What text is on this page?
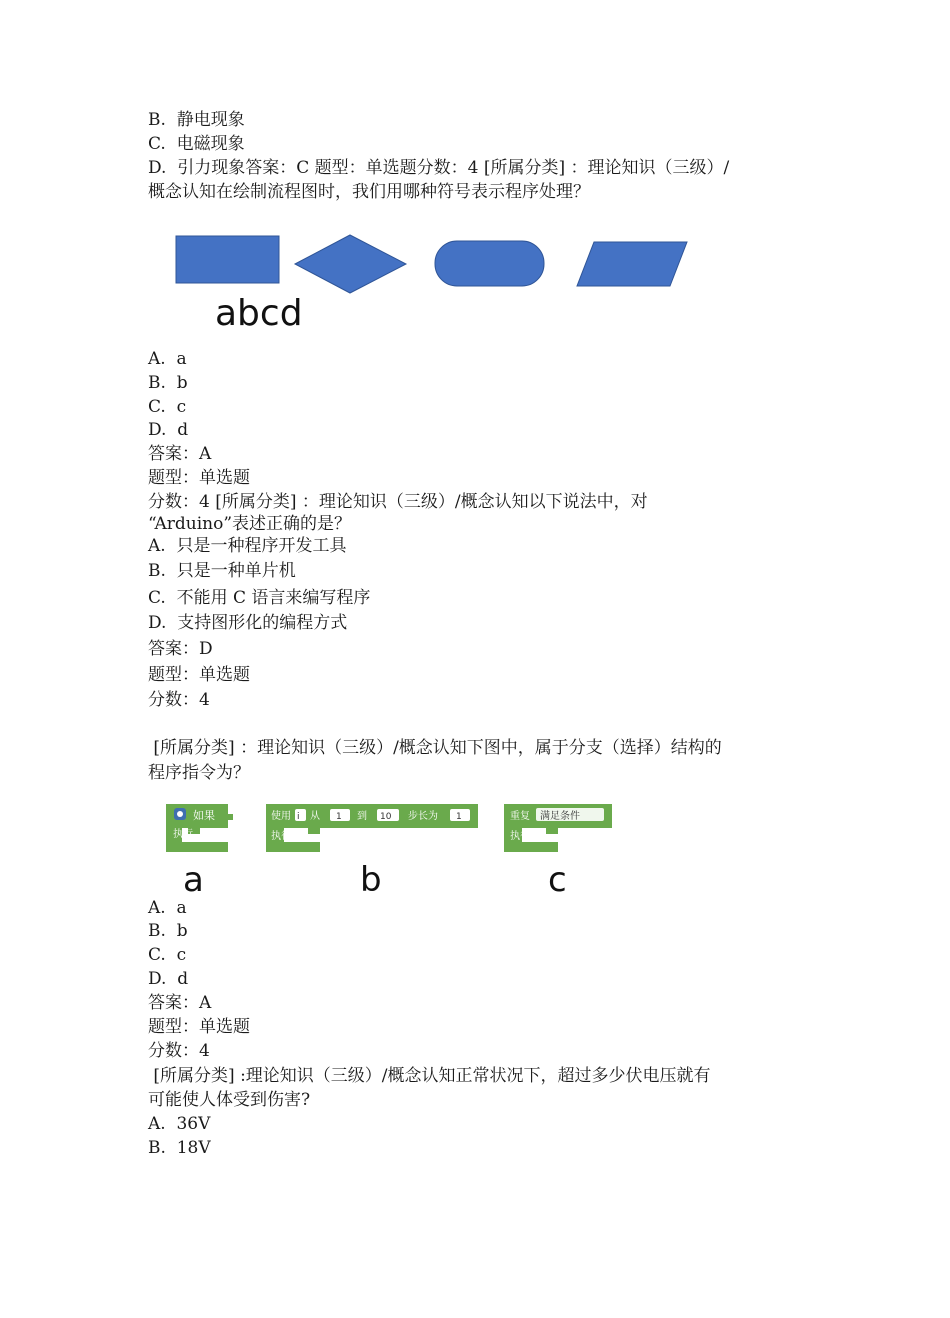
B.  静电现象
C.  电磁现象
D.  引力现象答案：C 题型：单选题分数：4 [所属分类] ：理论知识（三级）/
概念认知在绘制流程图时，我们用哪种符号表示程序处理？
abcd
A.  a
B.  b
C.  c
D.  d
答案：A
题型：单选题
分数：4 [所属分类] ：理论知识（三级）/概念认知以下说法中，对
“Arduino”表述正确的是？
A.  只是一种程序开发工具
B.  只是一种单片机
C.  不能用 C 语言来编写程序
D.  支持图形化的编程方式
答案：D
题型：单选题
分数：4
[所属分类] ：理论知识（三级）/概念认知下图中，属于分支（选择）结构的
程序指令为？
如果
执行
使用 i 从 1 到 10 步长为 1
执行
重复 满足条件
执行
a	b	c
A.  a
B.  b
C.  c
D.  d
答案：A
题型：单选题
分数：4
[所属分类] :理论知识（三级）/概念认知正常状况下，超过多少伏电压就有
可能使人体受到伤害?
A.  36V
B.  18V
